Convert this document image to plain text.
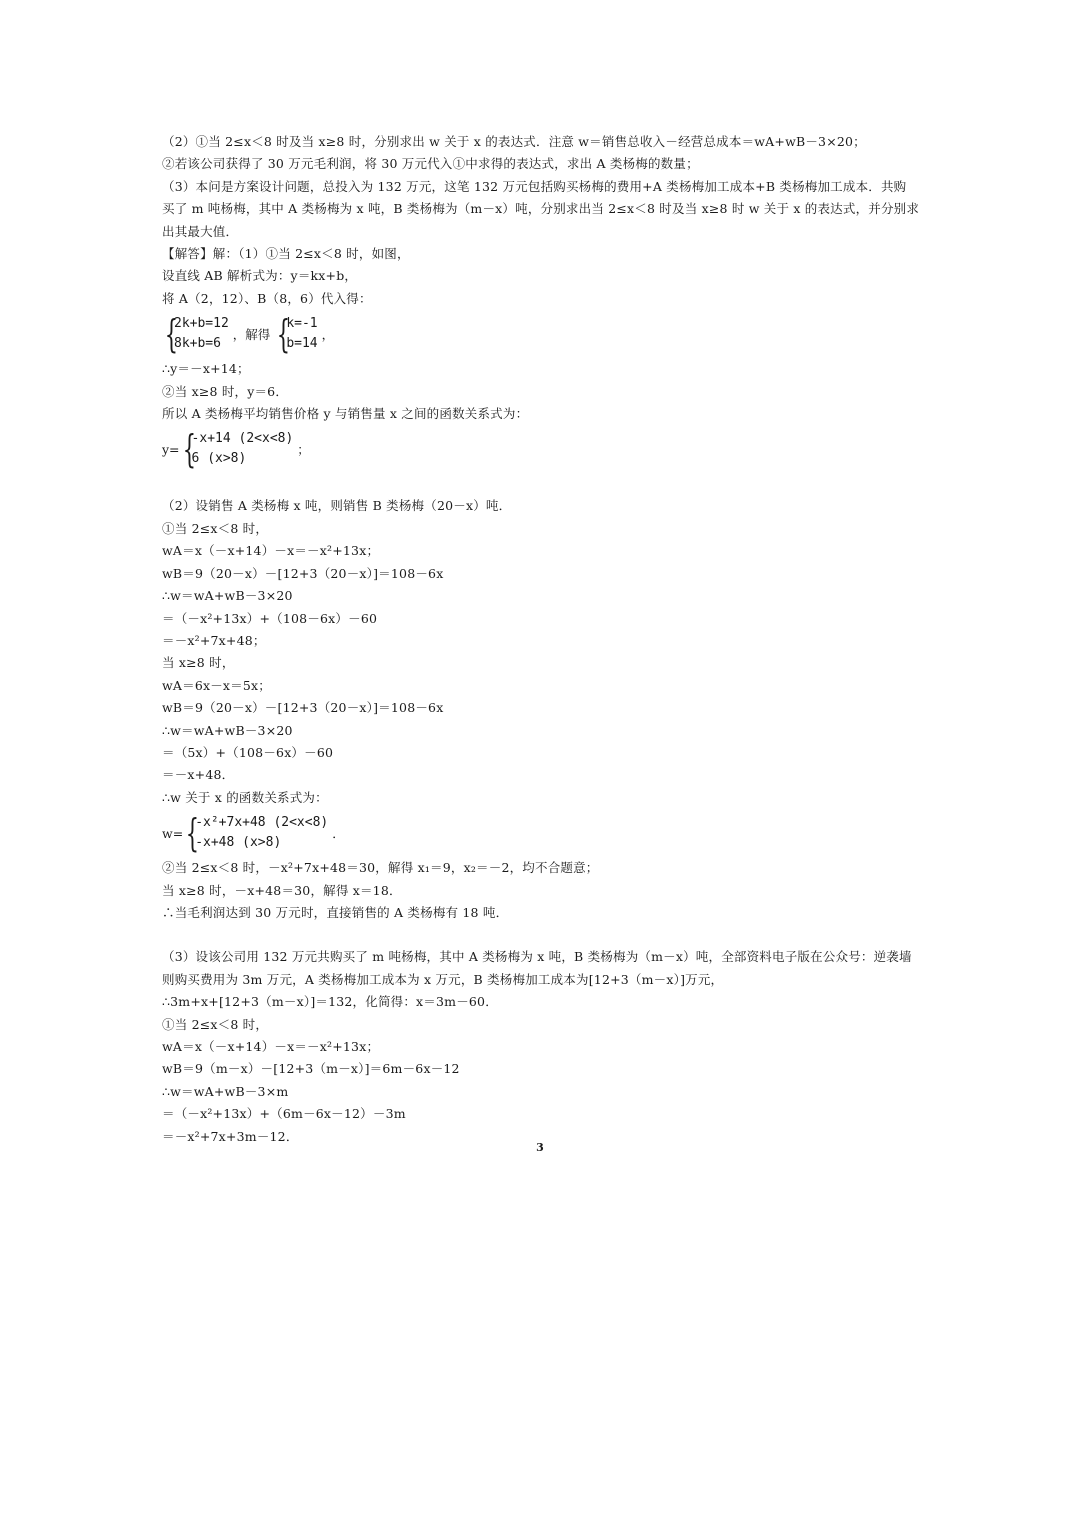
（2）①当 2≤x＜8 时及当 x≥8 时，分别求出 w 关于 x 的表达式．注意 w＝销售总收入－经营总成本＝wA+wB－3×20；
②若该公司获得了 30 万元毛利润，将 30 万元代入①中求得的表达式，求出 A 类杨梅的数量；
（3）本问是方案设计问题，总投入为 132 万元，这笔 132 万元包括购买杨梅的费用+A 类杨梅加工成本+B 类杨梅加工成本．共购
买了 m 吨杨梅，其中 A 类杨梅为 x 吨，B 类杨梅为（m－x）吨，分别求出当 2≤x＜8 时及当 x≥8 时 w 关于 x 的表达式，并分别求
出其最大值．
【解答】解：（1）①当 2≤x＜8 时，如图，
设直线 AB 解析式为：y＝kx+b，
将 A（2，12）、B（8，6）代入得：
{
2k+b=12
8k+b=6
，解得 {
k=-1
b=14
，
∴y＝－x+14；
②当 x≥8 时，y＝6．
所以 A 类杨梅平均销售价格 y 与销售量 x 之间的函数关系式为：
y= {
-x+14 (2<x<8)
6 (x>8)
；
（2）设销售 A 类杨梅 x 吨，则销售 B 类杨梅（20－x）吨．
①当 2≤x＜8 时，
wA＝x（－x+14）－x＝－x²+13x；
wB＝9（20－x）－[12+3（20－x）]＝108－6x
∴w＝wA+wB－3×20
＝（－x²+13x）+（108－6x）－60
＝－x²+7x+48；
当 x≥8 时，
wA＝6x－x＝5x；
wB＝9（20－x）－[12+3（20－x）]＝108－6x
∴w＝wA+wB－3×20
＝（5x）+（108－6x）－60
＝－x+48．
∴w 关于 x 的函数关系式为：
w= {
-x²+7x+48 (2<x<8)
-x+48 (x>8)
．
②当 2≤x＜8 时，－x²+7x+48＝30，解得 x₁＝9，x₂＝－2，均不合题意；
当 x≥8 时，－x+48＝30，解得 x＝18．
∴当毛利润达到 30 万元时，直接销售的 A 类杨梅有 18 吨．
（3）设该公司用 132 万元共购买了 m 吨杨梅，其中 A 类杨梅为 x 吨，B 类杨梅为（m－x）吨，全部资料电子版在公众号：逆袭墙
则购买费用为 3m 万元，A 类杨梅加工成本为 x 万元，B 类杨梅加工成本为[12+3（m－x）]万元，
∴3m+x+[12+3（m－x）]＝132，化简得：x＝3m－60．
①当 2≤x＜8 时，
wA＝x（－x+14）－x＝－x²+13x；
wB＝9（m－x）－[12+3（m－x）]＝6m－6x－12
∴w＝wA+wB－3×m
＝（－x²+13x）+（6m－6x－12）－3m
＝－x²+7x+3m－12．
3
